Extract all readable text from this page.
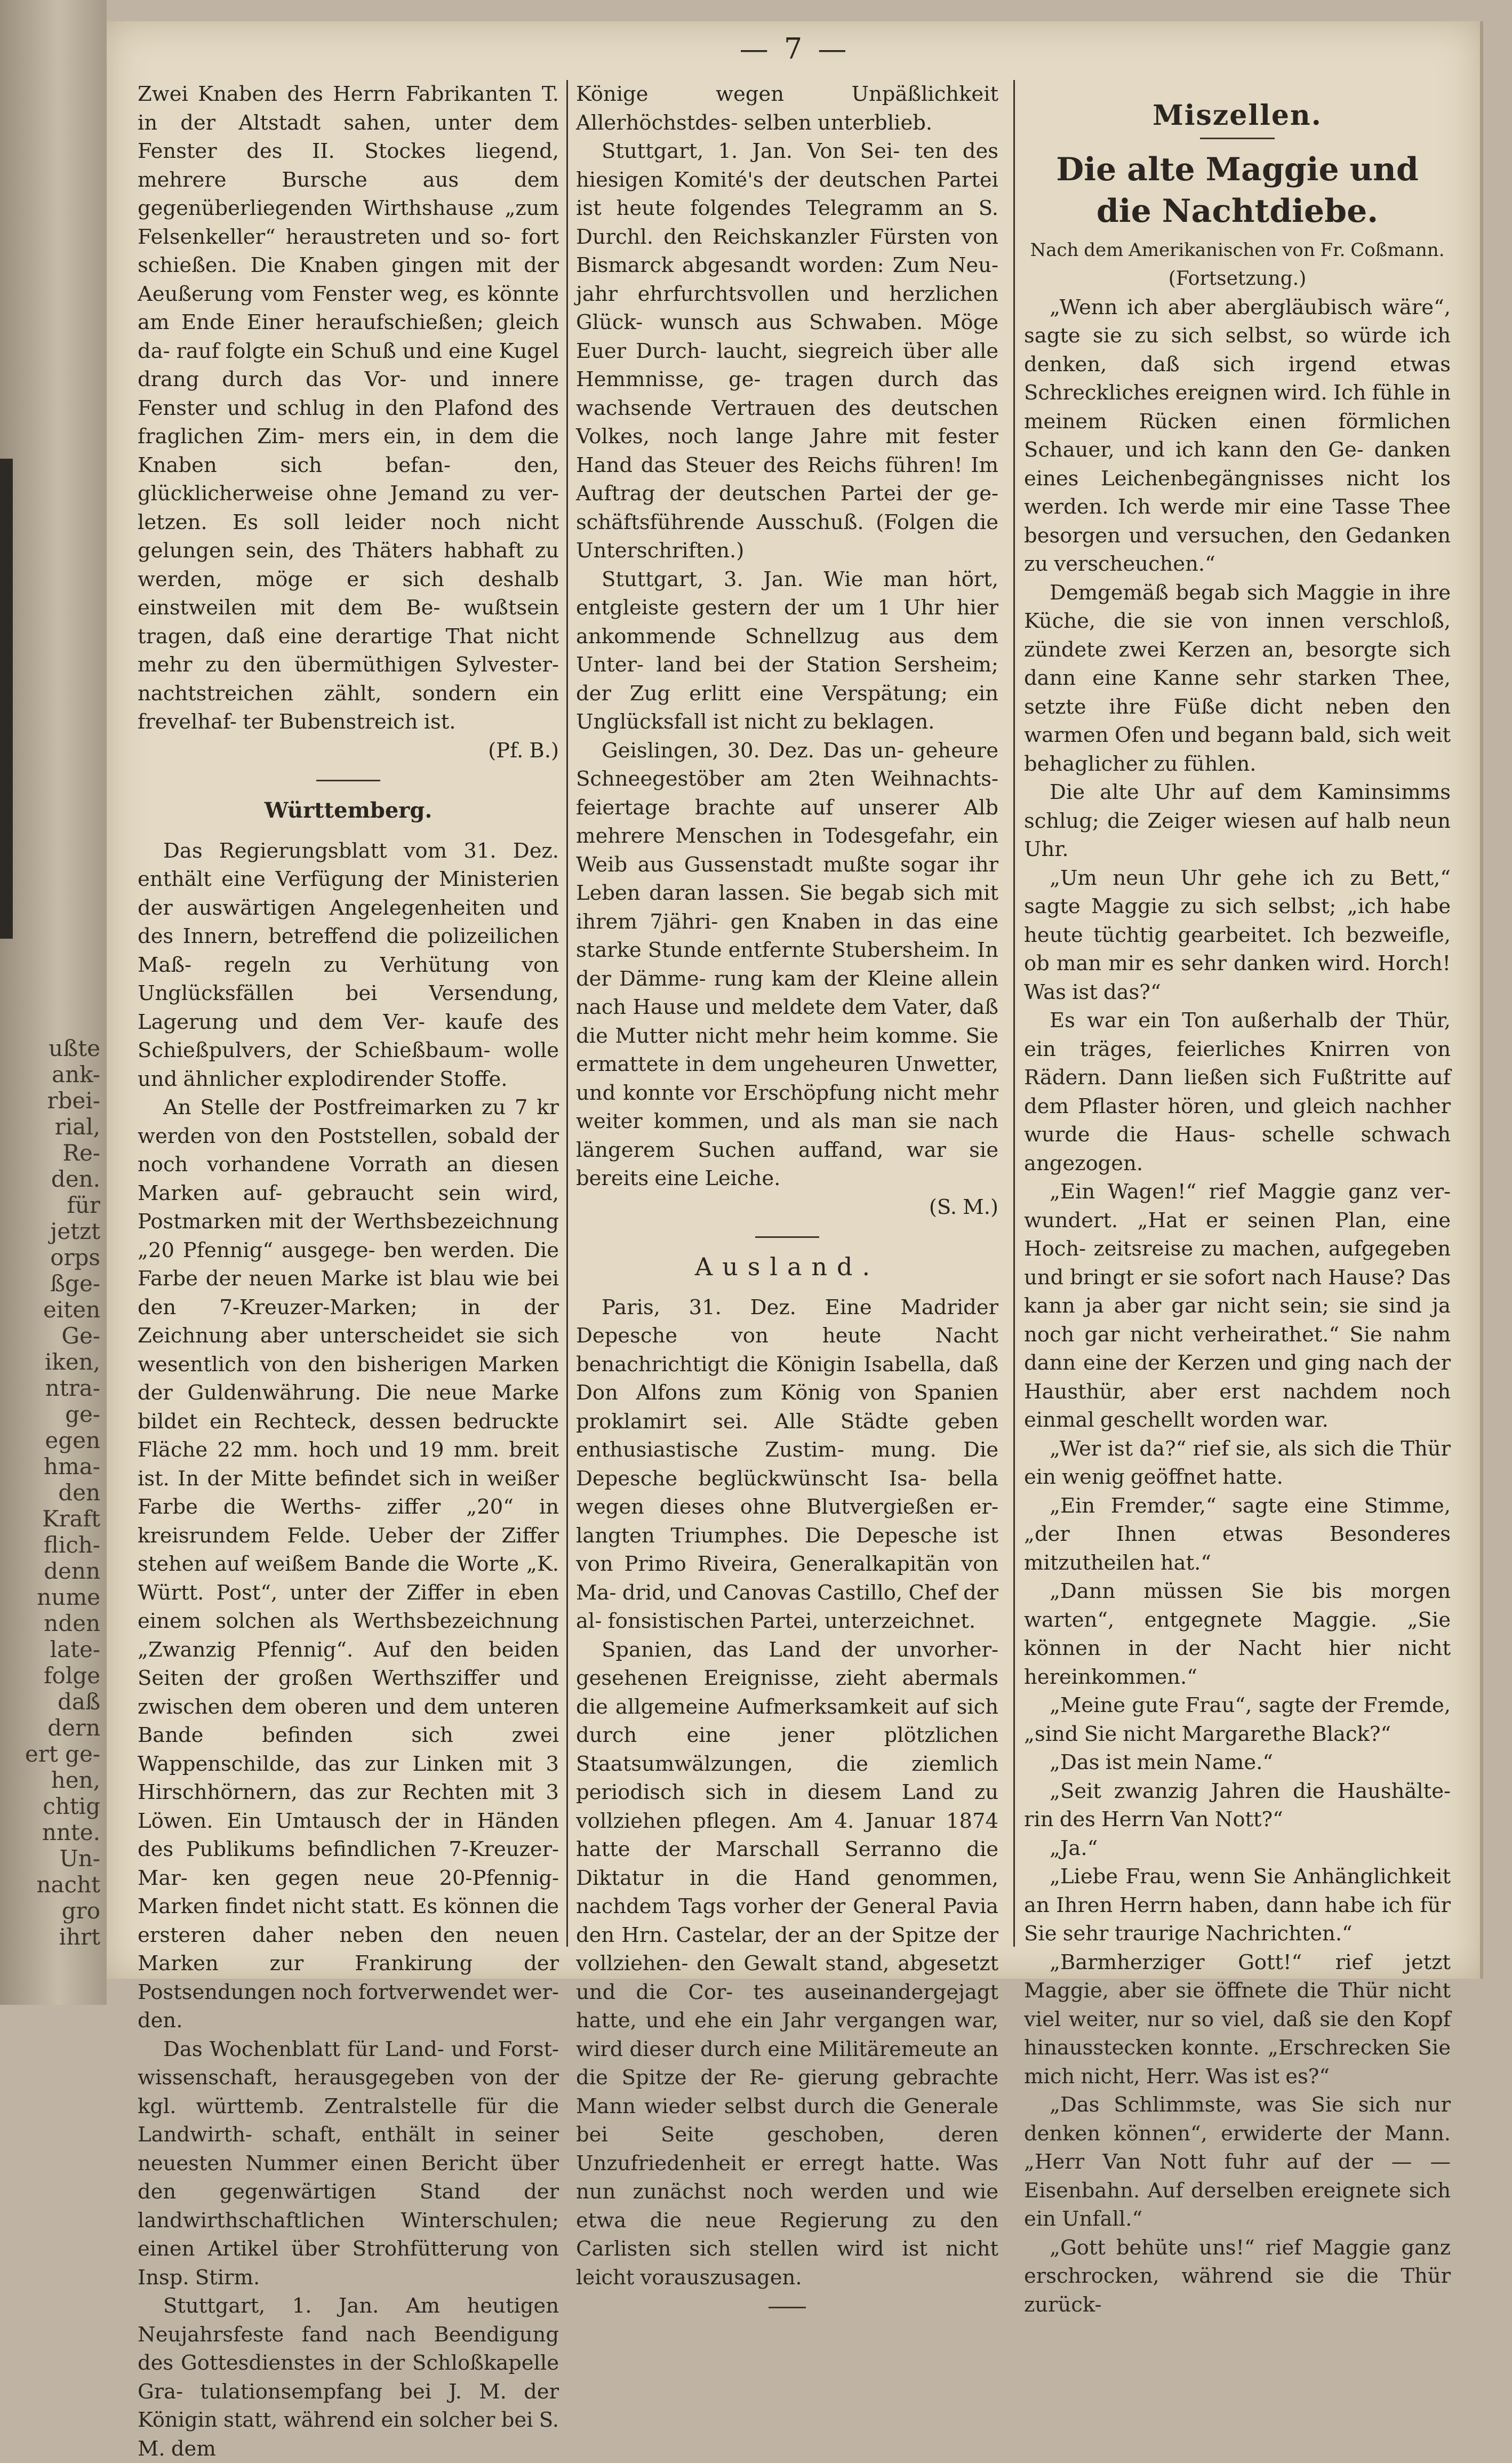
ußte
ank-
rbei-
rial,
Re-
den.
für
jetzt
orps
ßge-
eiten
Ge-
iken,
ntra-
ge-
egen
hma-
den
Kraft
flich-
denn
nume
nden
late-
folge
daß
dern
ert ge-
hen,
chtig
nnte.
Un-
nacht
gro
ihrt
— 7 —

Zwei Knaben des Herrn Fabrikanten T. in der Altstadt sahen, unter dem Fenster des II. Stockes liegend, mehrere Bursche aus dem gegenüberliegenden Wirthshause „zum Felsenkeller“ heraustreten und so- fort schießen. Die Knaben gingen mit der Aeußerung vom Fenster weg, es könnte am Ende Einer heraufschießen; gleich da- rauf folgte ein Schuß und eine Kugel drang durch das Vor- und innere Fenster und schlug in den Plafond des fraglichen Zim- mers ein, in dem die Knaben sich befan- den, glücklicherweise ohne Jemand zu ver- letzen. Es soll leider noch nicht gelungen sein, des Thäters habhaft zu werden, möge er sich deshalb einstweilen mit dem Be- wußtsein tragen, daß eine derartige That nicht mehr zu den übermüthigen Sylvester- nachtstreichen zählt, sondern ein frevelhaf- ter Bubenstreich ist.

(Pf. B.)

Württemberg.

Das Regierungsblatt vom 31. Dez. enthält eine Verfügung der Ministerien der auswärtigen Angelegenheiten und des Innern, betreffend die polizeilichen Maß- regeln zu Verhütung von Unglücksfällen bei Versendung, Lagerung und dem Ver- kaufe des Schießpulvers, der Schießbaum- wolle und ähnlicher explodirender Stoffe.

An Stelle der Postfreimarken zu 7 kr werden von den Poststellen, sobald der noch vorhandene Vorrath an diesen Marken auf- gebraucht sein wird, Postmarken mit der Werthsbezeichnung „20 Pfennig“ ausgege- ben werden. Die Farbe der neuen Marke ist blau wie bei den 7-Kreuzer-Marken; in der Zeichnung aber unterscheidet sie sich wesentlich von den bisherigen Marken der Guldenwährung. Die neue Marke bildet ein Rechteck, dessen bedruckte Fläche 22 mm. hoch und 19 mm. breit ist. In der Mitte befindet sich in weißer Farbe die Werths- ziffer „20“ in kreisrundem Felde. Ueber der Ziffer stehen auf weißem Bande die Worte „K. Württ. Post“, unter der Ziffer in eben einem solchen als Werthsbezeichnung „Zwanzig Pfennig“. Auf den beiden Seiten der großen Werthsziffer und zwischen dem oberen und dem unteren Bande befinden sich zwei Wappenschilde, das zur Linken mit 3 Hirschhörnern, das zur Rechten mit 3 Löwen. Ein Umtausch der in Händen des Publikums befindlichen 7-Kreuzer-Mar- ken gegen neue 20-Pfennig-Marken findet nicht statt. Es können die ersteren daher neben den neuen Marken zur Frankirung der Postsendungen noch fortverwendet wer- den.

Das Wochenblatt für Land- und Forst- wissenschaft, herausgegeben von der kgl. württemb. Zentralstelle für die Landwirth- schaft, enthält in seiner neuesten Nummer einen Bericht über den gegenwärtigen Stand der landwirthschaftlichen Winterschulen; einen Artikel über Strohfütterung von Insp. Stirm.

Stuttgart, 1. Jan. Am heutigen Neujahrsfeste fand nach Beendigung des Gottesdienstes in der Schloßkapelle Gra- tulationsempfang bei J. M. der Königin statt, während ein solcher bei S. M. dem

Könige wegen Unpäßlichkeit Allerhöchstdes- selben unterblieb.

Stuttgart, 1. Jan. Von Sei- ten des hiesigen Komité's der deutschen Partei ist heute folgendes Telegramm an S. Durchl. den Reichskanzler Fürsten von Bismarck abgesandt worden: Zum Neu- jahr ehrfurchtsvollen und herzlichen Glück- wunsch aus Schwaben. Möge Euer Durch- laucht, siegreich über alle Hemmnisse, ge- tragen durch das wachsende Vertrauen des deutschen Volkes, noch lange Jahre mit fester Hand das Steuer des Reichs führen! Im Auftrag der deutschen Partei der ge- schäftsführende Ausschuß. (Folgen die Unterschriften.)

Stuttgart, 3. Jan. Wie man hört, entgleiste gestern der um 1 Uhr hier ankommende Schnellzug aus dem Unter- land bei der Station Sersheim; der Zug erlitt eine Verspätung; ein Unglücksfall ist nicht zu beklagen.

Geislingen, 30. Dez. Das un- geheure Schneegestöber am 2ten Weihnachts- feiertage brachte auf unserer Alb mehrere Menschen in Todesgefahr, ein Weib aus Gussenstadt mußte sogar ihr Leben daran lassen. Sie begab sich mit ihrem 7jähri- gen Knaben in das eine starke Stunde entfernte Stubersheim. In der Dämme- rung kam der Kleine allein nach Hause und meldete dem Vater, daß die Mutter nicht mehr heim komme. Sie ermattete in dem ungeheuren Unwetter, und konnte vor Erschöpfung nicht mehr weiter kommen, und als man sie nach längerem Suchen auffand, war sie bereits eine Leiche.

(S. M.)

Ausland.

Paris, 31. Dez. Eine Madrider Depesche von heute Nacht benachrichtigt die Königin Isabella, daß Don Alfons zum König von Spanien proklamirt sei. Alle Städte geben enthusiastische Zustim- mung. Die Depesche beglückwünscht Isa- bella wegen dieses ohne Blutvergießen er- langten Triumphes. Die Depesche ist von Primo Riveira, Generalkapitän von Ma- drid, und Canovas Castillo, Chef der al- fonsistischen Partei, unterzeichnet.

Spanien, das Land der unvorher- gesehenen Ereignisse, zieht abermals die allgemeine Aufmerksamkeit auf sich durch eine jener plötzlichen Staatsumwälzungen, die ziemlich periodisch sich in diesem Land zu vollziehen pflegen. Am 4. Januar 1874 hatte der Marschall Serranno die Diktatur in die Hand genommen, nachdem Tags vorher der General Pavia den Hrn. Castelar, der an der Spitze der vollziehen- den Gewalt stand, abgesetzt und die Cor- tes auseinandergejagt hatte, und ehe ein Jahr vergangen war, wird dieser durch eine Militäremeute an die Spitze der Re- gierung gebrachte Mann wieder selbst durch die Generale bei Seite geschoben, deren Unzufriedenheit er erregt hatte. Was nun zunächst noch werden und wie etwa die neue Regierung zu den Carlisten sich stellen wird ist nicht leicht vorauszusagen.

Miszellen.
Die alte Maggie und die Nachtdiebe.

Nach dem Amerikanischen von Fr. Coßmann.

(Fortsetzung.)

„Wenn ich aber abergläubisch wäre“, sagte sie zu sich selbst, so würde ich denken, daß sich irgend etwas Schreckliches ereignen wird. Ich fühle in meinem Rücken einen förmlichen Schauer, und ich kann den Ge- danken eines Leichenbegängnisses nicht los werden. Ich werde mir eine Tasse Thee besorgen und versuchen, den Gedanken zu verscheuchen.“

Demgemäß begab sich Maggie in ihre Küche, die sie von innen verschloß, zündete zwei Kerzen an, besorgte sich dann eine Kanne sehr starken Thee, setzte ihre Füße dicht neben den warmen Ofen und begann bald, sich weit behaglicher zu fühlen.

Die alte Uhr auf dem Kaminsimms schlug; die Zeiger wiesen auf halb neun Uhr.

„Um neun Uhr gehe ich zu Bett,“ sagte Maggie zu sich selbst; „ich habe heute tüchtig gearbeitet. Ich bezweifle, ob man mir es sehr danken wird. Horch! Was ist das?“

Es war ein Ton außerhalb der Thür, ein träges, feierliches Knirren von Rädern. Dann ließen sich Fußtritte auf dem Pflaster hören, und gleich nachher wurde die Haus- schelle schwach angezogen.

„Ein Wagen!“ rief Maggie ganz ver- wundert. „Hat er seinen Plan, eine Hoch- zeitsreise zu machen, aufgegeben und bringt er sie sofort nach Hause? Das kann ja aber gar nicht sein; sie sind ja noch gar nicht verheirathet.“ Sie nahm dann eine der Kerzen und ging nach der Hausthür, aber erst nachdem noch einmal geschellt worden war.

„Wer ist da?“ rief sie, als sich die Thür ein wenig geöffnet hatte.

„Ein Fremder,“ sagte eine Stimme, „der Ihnen etwas Besonderes mitzutheilen hat.“

„Dann müssen Sie bis morgen warten“, entgegnete Maggie. „Sie können in der Nacht hier nicht hereinkommen.“

„Meine gute Frau“, sagte der Fremde, „sind Sie nicht Margarethe Black?“

„Das ist mein Name.“

„Seit zwanzig Jahren die Haushälte- rin des Herrn Van Nott?“

„Ja.“

„Liebe Frau, wenn Sie Anhänglichkeit an Ihren Herrn haben, dann habe ich für Sie sehr traurige Nachrichten.“

„Barmherziger Gott!“ rief jetzt Maggie, aber sie öffnete die Thür nicht viel weiter, nur so viel, daß sie den Kopf hinausstecken konnte. „Erschrecken Sie mich nicht, Herr. Was ist es?“

„Das Schlimmste, was Sie sich nur denken können“, erwiderte der Mann. „Herr Van Nott fuhr auf der — — Eisenbahn. Auf derselben ereignete sich ein Unfall.“

„Gott behüte uns!“ rief Maggie ganz erschrocken, während sie die Thür zurück-
